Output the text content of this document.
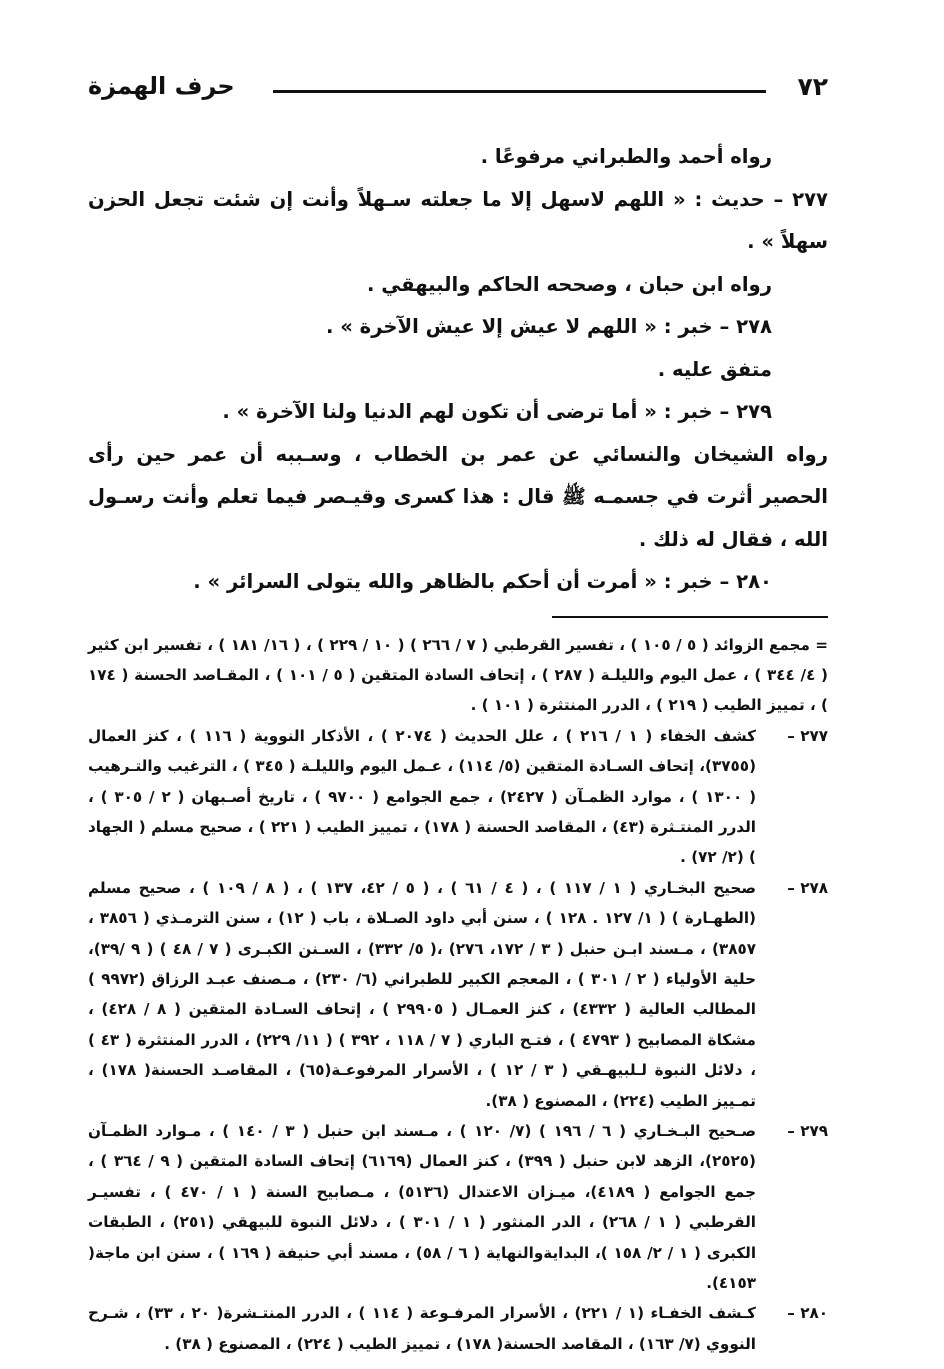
٧٢
حرف الهمزة

رواه أحمد والطبراني مرفوعًا .

٢٧٧ – حديث : « اللهم لاسهل إلا ما جعلته سـهلاً وأنت إن شئت تجعل الحزن سهلاً » .

رواه ابن حبان ، وصححه الحاكم والبيهقي .

٢٧٨ – خبر : « اللهم لا عيش إلا عيش الآخرة » .

متفق عليه .

٢٧٩ – خبر : « أما ترضى أن تكون لهم الدنيا ولنا الآخرة » .

رواه الشيخان والنسائي عن عمر بن الخطاب ، وسـببه أن عمر حين رأى الحصير أثرت في جسمـه ﷺ قال : هذا كسرى وقيـصر فيما تعلم وأنت رسـول الله ، فقال له ذلك .

٢٨٠ – خبر : « أمرت أن أحكم بالظاهر والله يتولى السرائر » .

= مجمع الزوائد ( ٥ / ١٠٥ ) ، تفسير القرطبي ( ٧ / ٢٦٦ ) ( ١٠ / ٢٢٩ ) ، ( ١٦/ ١٨١ ) ، تفسير ابن كثير ( ٤/ ٣٤٤ ) ، عمل اليوم والليلـة ( ٢٨٧ ) ، إتحاف السادة المتقين ( ٥ / ١٠١ ) ، المقـاصد الحسنة ( ١٧٤ ) ، تمييز الطيب ( ٢١٩ ) ، الدرر المنتثرة ( ١٠١ ) .
٢٧٧ –
كشف الخفاء ( ١ / ٢١٦ ) ، علل الحديث ( ٢٠٧٤ ) ، الأذكار النووية ( ١١٦ ) ، كنز العمال (٣٧٥٥)، إتحاف السـادة المتقين (٥/ ١١٤) ، عـمل اليوم والليلـة ( ٣٤٥ ) ، الترغيب والتـرهيب ( ١٣٠٠ ) ، موارد الظمـآن ( ٢٤٢٧) ، جمع الجوامع ( ٩٧٠٠ ) ، تاريخ أصـبهان ( ٢ / ٣٠٥ ) ، الدرر المنتـثرة (٤٣) ، المقاصد الحسنة ( ١٧٨) ، تمييز الطيب ( ٢٢١ ) ، صحيح مسلم ( الجهاد ) (٢/ ٧٢) .
٢٧٨ –
صحيح البخـاري ( ١ / ١١٧ ) ، ( ٤ / ٦١ ) ، ( ٥ / ٤٢، ١٣٧ ) ، ( ٨ / ١٠٩ ) ، صحيح مسلم (الطهـارة ) ( ١/ ١٢٧ . ١٢٨ ) ، سنن أبي داود الصـلاة ، باب ( ١٢) ، سنن الترمـذي ( ٣٨٥٦ ، ٣٨٥٧) ، مـسند ابـن حنبل ( ٣ / ١٧٢، ٢٧٦) ،( ٥/ ٣٣٢) ، السـنن الكبـرى ( ٧ / ٤٨ ) ( ٩ /٣٩)، حلية الأولياء ( ٢ / ٣٠١ ) ، المعجم الكبير للطبراني (٦/ ٢٣٠) ، مـصنف عبـد الرزاق (٩٩٧٢ ) المطالب العالية ( ٤٣٣٢) ، كنز العمـال ( ٢٩٩٠٥ ) ، إتحاف السـادة المتقين ( ٨ / ٤٢٨) ، مشكاة المصابيح ( ٤٧٩٣ ) ، فتـح الباري ( ٧ / ١١٨ ، ٣٩٢ ) ( ١١/ ٢٢٩) ، الدرر المنتثرة ( ٤٣ ) ، دلائل النبوة لـلبيهـقي ( ٣ / ١٢ ) ، الأسرار المرفوعـة(٦٥) ، المقاصـد الحسنة( ١٧٨) ، تمـييز الطيب (٢٢٤) ، المصنوع ( ٣٨).
٢٧٩ –
صـحيح البـخـاري ( ٦ / ١٩٦ ) (٧/ ١٢٠ ) ، مـسند ابن حنبل ( ٣ / ١٤٠ ) ، مـوارد الظمـآن (٢٥٢٥)، الزهد لابن حنبل ( ٣٩٩) ، كنز العمال (٦١٦٩) إتحاف السادة المتقين ( ٩ / ٣٦٤ ) ، جمع الجوامع ( ٤١٨٩)، ميـزان الاعتدال (٥١٣٦) ، مـصابيح السنة ( ١ / ٤٧٠ ) ، تفسيـر القرطبي ( ١ / ٢٦٨) ، الدر المنثور ( ١ / ٣٠١ ) ، دلائل النبوة للبيهقي (٢٥١) ، الطبقات الكبرى ( ١ / ٢/ ١٥٨ )، البدايةوالنهاية ( ٦ / ٥٨) ، مسند أبي حنيفة ( ١٦٩ ) ، سنن ابن ماجة( ٤١٥٣).
٢٨٠ –
كـشف الخفـاء (١ / ٢٢١) ، الأسرار المرفـوعة ( ١١٤ ) ، الدرر المنتـشرة( ٢٠ ، ٣٣) ، شـرح النووي (٧/ ١٦٣) ، المقاصد الحسنة( ١٧٨) ، تمييز الطيب ( ٢٢٤) ، المصنوع ( ٣٨) .
